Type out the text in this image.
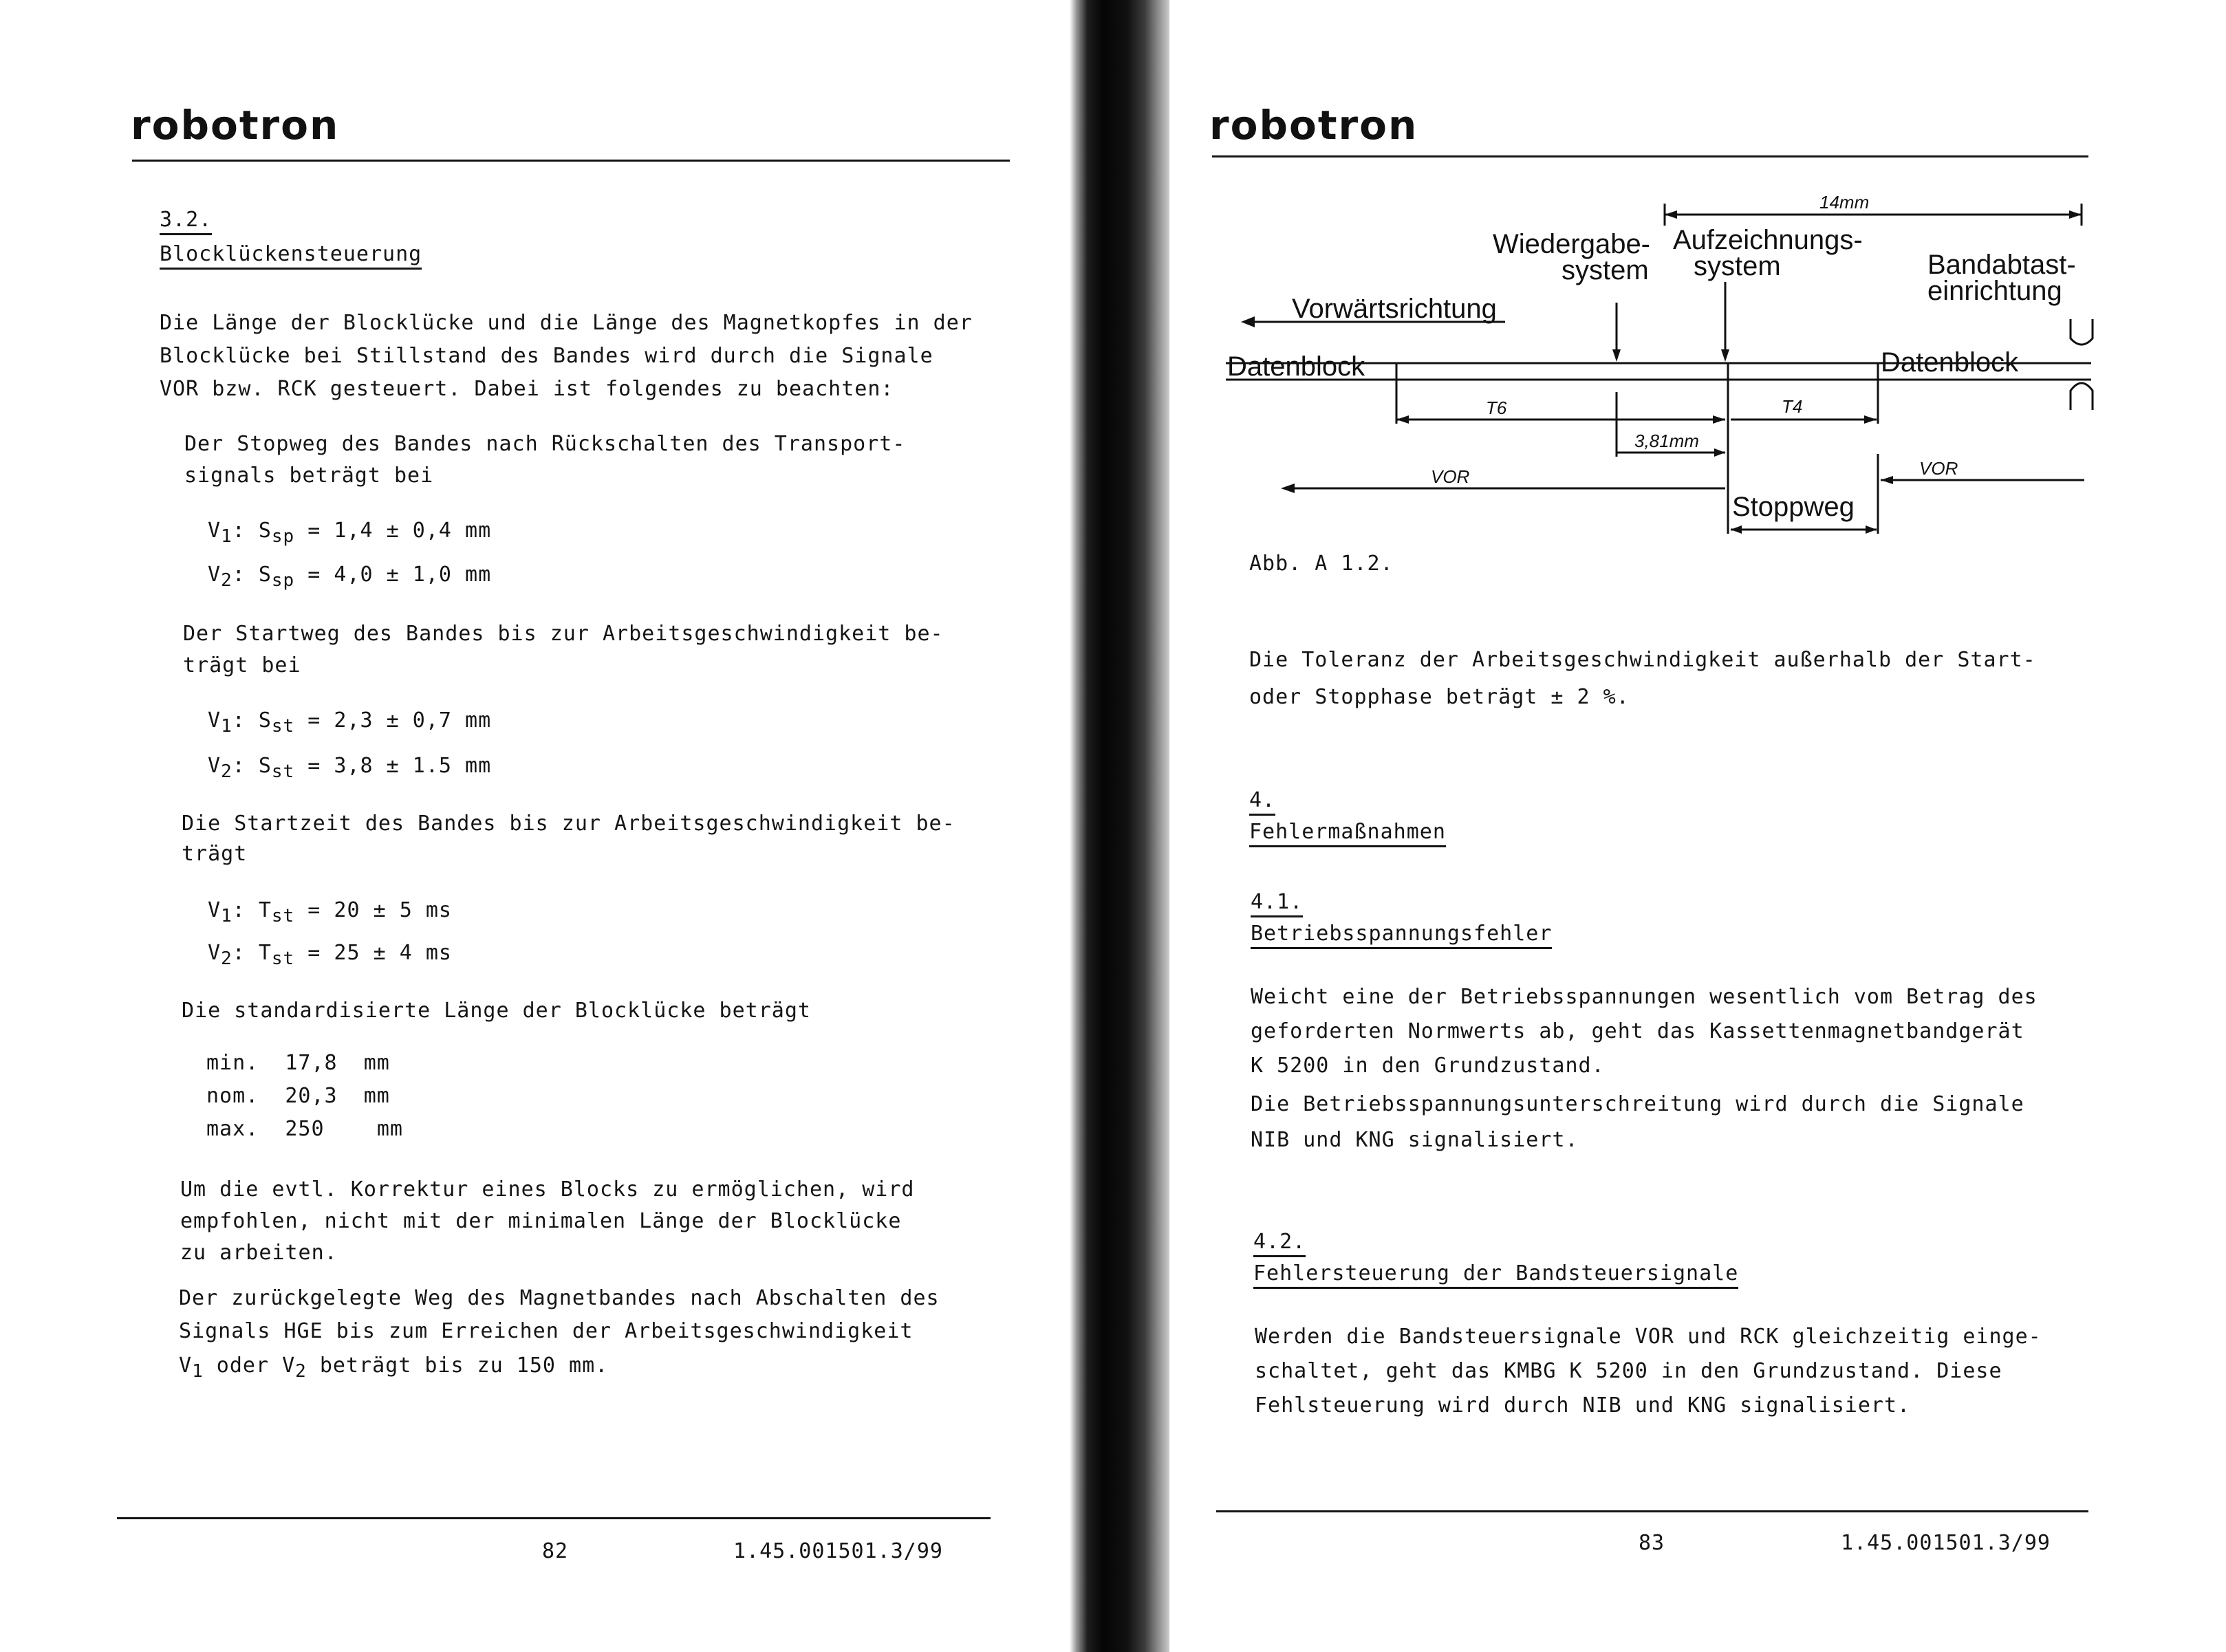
robotron
3.2.
Blocklückensteuerung
Die Länge der Blocklücke und die Länge des Magnetkopfes in der
Blocklücke bei Stillstand des Bandes wird durch die Signale
VOR bzw. RCK gesteuert. Dabei ist folgendes zu beachten:
Der Stopweg des Bandes nach Rückschalten des Transport-
signals beträgt bei
$V_1$: $S_{sp} = 1,4 \pm 0,4$ mm
$V_2$: $S_{sp} = 4,0 \pm 1,0$ mm
Der Startweg des Bandes bis zur Arbeitsgeschwindigkeit be-
trägt bei
$V_1$: $S_{st} = 2,3 \pm 0,7$ mm
$V_2$: $S_{st} = 3,8 \pm 1.5$ mm
Die Startzeit des Bandes bis zur Arbeitsgeschwindigkeit be-
trägt
$V_1$: $T_{st} = 20 \pm 5$ ms
$V_2$: $T_{st} = 25 \pm 4$ ms
Die standardisierte Länge der Blocklücke beträgt
min. 17,8 mm
nom. 20,3 mm
max. 250	mm
Um die evtl. Korrektur eines Blocks zu ermöglichen, wird
empfohlen, nicht mit der minimalen Länge der Blocklücke
zu arbeiten.
Der zurückgelegte Weg des Magnetbandes nach Abschalten des
Signals HGE bis zum Erreichen der Arbeitsgeschwindigkeit
$V_1$ oder $V_2$ beträgt bis zu 150 mm.
82	1.45.001501.3/99
robotron
14mm
Wiedergabe-
system
Aufzeichnungs-
system	Bandabtast-
einrichtung
Vorwärtsrichtung
Datenblock	Datenblock
T6	T4
3,81mm
VOR	VOR
Stoppweg
Abb. A 1.2.
Die Toleranz der Arbeitsgeschwindigkeit außerhalb der Start-
oder Stopphase beträgt ± 2 %.
4.
Fehlermaßnahmen
4.1.
Betriebsspannungsfehler
Weicht eine der Betriebsspannungen wesentlich vom Betrag des
geforderten Normwerts ab, geht das Kassettenmagnetbandgerät
K 5200 in den Grundzustand.
Die Betriebsspannungsunterschreitung wird durch die Signale
NIB und KNG signalisiert.
4.2.
Fehlersteuerung der Bandsteuersignale
Werden die Bandsteuersignale VOR und RCK gleichzeitig einge-
schaltet, geht das KMBG K 5200 in den Grundzustand. Diese
Fehlsteuerung wird durch NIB und KNG signalisiert.
83	1.45.001501.3/99
